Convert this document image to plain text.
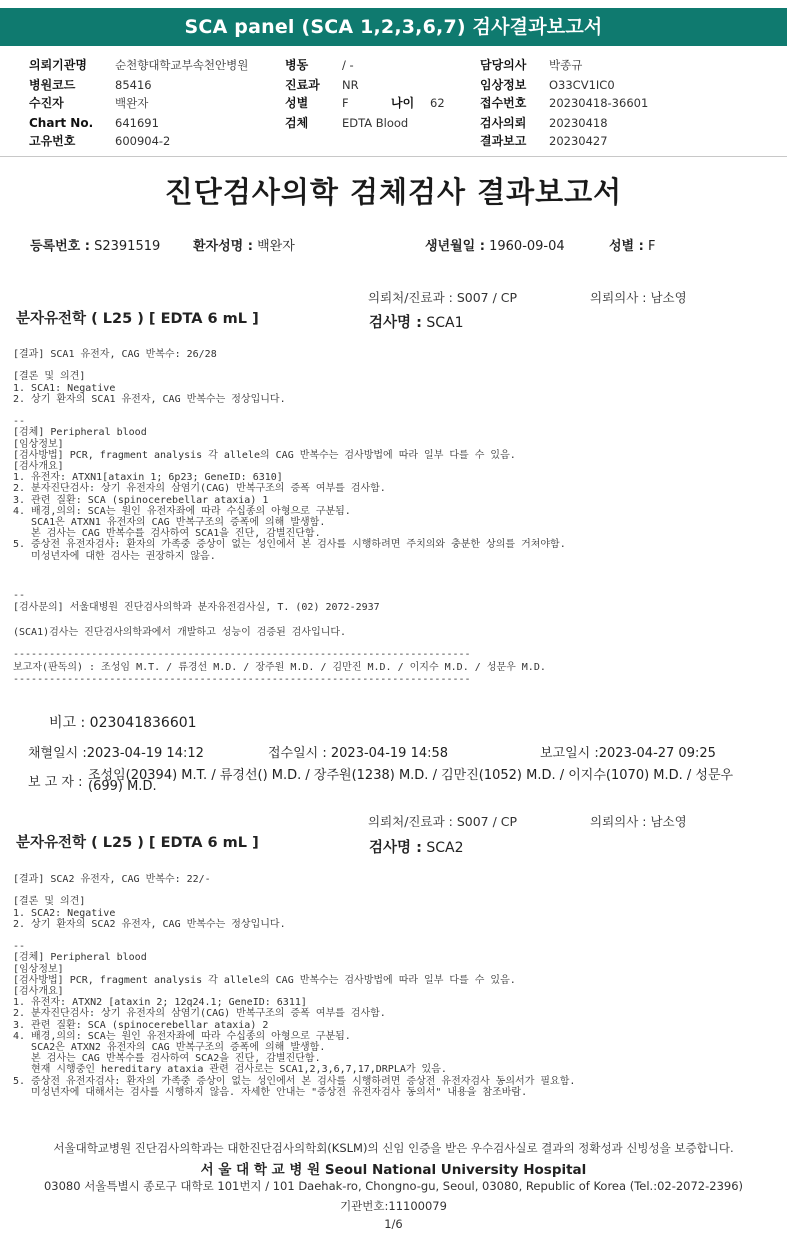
SCA panel (SCA 1,2,3,6,7) 검사결과보고서
의뢰기관명 순천향대학교부속천안병원	병동	/ -	담당의사 박종규
병원코드	85416	진료과 NR	임상정보 O33CV1IC0
수진자	백완자	성별	F	나이 62	접수번호 20230418-36601
Chart No. 641691	검체	EDTA Blood	검사의뢰 20230418
고유번호	600904-2	결과보고 20230427
진단검사의학 검체검사 결과보고서
등록번호 : S2391519	환자성명 : 백완자	생년월일 : 1960-09-04	성별 : F
의뢰처/진료과 : S007 / CP	의뢰의사 : 남소영
분자유전학 ( L25 ) [ EDTA 6 mL ]	검사명 : SCA1
[결과] SCA1 유전자, CAG 반복수: 26/28

[결론 및 의견]
1. SCA1: Negative
2. 상기 환자의 SCA1 유전자, CAG 반복수는 정상입니다.

--
[검체] Peripheral blood
[임상정보]
[검사방법] PCR, fragment analysis 각 allele의 CAG 반복수는 검사방법에 따라 일부 다를 수 있음.
[검사개요]
1. 유전자: ATXN1[ataxin 1; 6p23; GeneID: 6310]
2. 분자진단검사: 상기 유전자의 삼염기(CAG) 반복구조의 증폭 여부를 검사함.
3. 관련 질환: SCA (spinocerebellar ataxia) 1
4. 배경,의의: SCA는 원인 유전자좌에 따라 수십종의 아형으로 구분됨.
SCA1은 ATXN1 유전자의 CAG 반복구조의 증폭에 의해 발생함.
본 검사는 CAG 반복수를 검사하여 SCA1을 진단, 감별진단함.
5. 증상전 유전자검사: 환자의 가족중 증상이 없는 성인에서 본 검사를 시행하려면 주치의와 충분한 상의를 거쳐야함.
미성년자에 대한 검사는 권장하지 않음.
--
[검사문의] 서울대병원 진단검사의학과 분자유전검사실, T. (02) 2072-2937
(SCA1)검사는 진단검사의학과에서 개발하고 성능이 검증된 검사입니다.
----------------------------------------------------------------------------
보고자(판독의) : 조성임 M.T. / 류경선 M.D. / 장주원 M.D. / 김만진 M.D. / 이지수 M.D. / 성문우 M.D.
----------------------------------------------------------------------------
비고 : 023041836601
채혈일시 :2023-04-19 14:12	접수일시 : 2023-04-19 14:58	보고일시 :2023-04-27 09:25
보 고 자 : 조성임(20394) M.T. / 류경선() M.D. / 장주원(1238) M.D. / 김만진(1052) M.D. / 이지수(1070) M.D. / 성문우
(699) M.D.
의뢰처/진료과 : S007 / CP	의뢰의사 : 남소영
분자유전학 ( L25 ) [ EDTA 6 mL ]	검사명 : SCA2
[결과] SCA2 유전자, CAG 반복수: 22/-

[결론 및 의견]
1. SCA2: Negative
2. 상기 환자의 SCA2 유전자, CAG 반복수는 정상입니다.

--
[검체] Peripheral blood
[임상정보]
[검사방법] PCR, fragment analysis 각 allele의 CAG 반복수는 검사방법에 따라 일부 다를 수 있음.
[검사개요]
1. 유전자: ATXN2 [ataxin 2; 12q24.1; GeneID: 6311]
2. 분자진단검사: 상기 유전자의 삼염기(CAG) 반복구조의 증폭 여부를 검사함.
3. 관련 질환: SCA (spinocerebellar ataxia) 2
4. 배경,의의: SCA는 원인 유전자좌에 따라 수십종의 아형으로 구분됨.
SCA2은 ATXN2 유전자의 CAG 반복구조의 증폭에 의해 발생함.
본 검사는 CAG 반복수를 검사하여 SCA2을 진단, 감별진단함.
현재 시행중인 hereditary ataxia 관련 검사로는 SCA1,2,3,6,7,17,DRPLA가 있음.
5. 증상전 유전자검사: 환자의 가족중 증상이 없는 성인에서 본 검사를 시행하려면 증상전 유전자검사 동의서가 필요함.
미성년자에 대해서는 검사를 시행하지 않음. 자세한 안내는 "증상전 유전자검사 동의서" 내용을 참조바람.
서울대학교병원 진단검사의학과는 대한진단검사의학회(KSLM)의 신임 인증을 받은 우수검사실로 결과의 정확성과 신빙성을 보증합니다.
서 울 대 학 교 병 원 Seoul National University Hospital
03080 서울특별시 종로구 대학로 101번지 / 101 Daehak-ro, Chongno-gu, Seoul, 03080, Republic of Korea (Tel.:02-2072-2396)
기관번호:11100079
1/6
